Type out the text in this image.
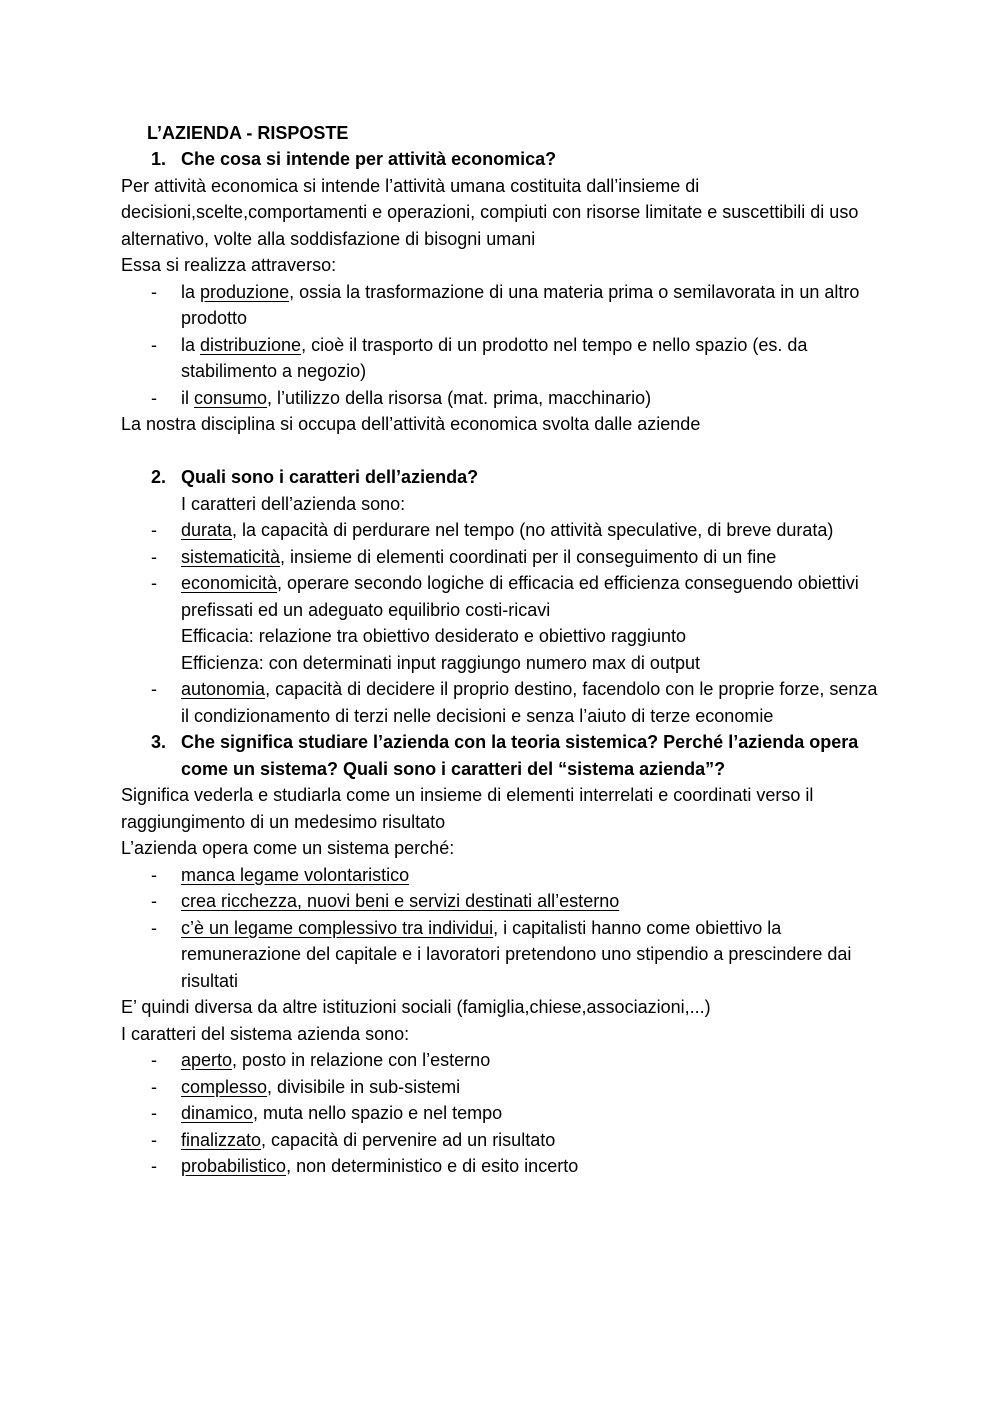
L’AZIENDA - RISPOSTE
1. Che cosa si intende per attività economica?
Per attività economica si intende l’attività umana costituita dall’insieme di decisioni,scelte,comportamenti e operazioni, compiuti con risorse limitate e suscettibili di uso alternativo, volte alla soddisfazione di bisogni umani
Essa si realizza attraverso:
- la produzione, ossia la trasformazione di una materia prima o semilavorata in un altro prodotto
- la distribuzione, cioè il trasporto di un prodotto nel tempo e nello spazio (es. da stabilimento a negozio)
- il consumo, l’utilizzo della risorsa (mat. prima, macchinario)
La nostra disciplina si occupa dell’attività economica svolta dalle aziende
2. Quali sono i caratteri dell’azienda?
I caratteri dell’azienda sono:
- durata, la capacità di perdurare nel tempo (no attività speculative, di breve durata)
- sistematicità, insieme di elementi coordinati per il conseguimento di un fine
- economicità, operare secondo logiche di efficacia ed efficienza conseguendo obiettivi prefissati ed un adeguato equilibrio costi-ricavi
Efficacia: relazione tra obiettivo desiderato e obiettivo raggiunto
Efficienza: con determinati input raggiungo numero max di output
- autonomia, capacità di decidere il proprio destino, facendolo con le proprie forze, senza il condizionamento di terzi nelle decisioni e senza l’aiuto di terze economie
3. Che significa studiare l’azienda con la teoria sistemica? Perché l’azienda opera come un sistema? Quali sono i caratteri del “sistema azienda”?
Significa vederla e studiarla come un insieme di elementi interrelati e coordinati verso il raggiungimento di un medesimo risultato
L’azienda opera come un sistema perché:
- manca legame volontaristico
- crea ricchezza, nuovi beni e servizi destinati all’esterno
- c’è un legame complessivo tra individui, i capitalisti hanno come obiettivo la remunerazione del capitale e i lavoratori pretendono uno stipendio a prescindere dai risultati
E’ quindi diversa da altre istituzioni sociali (famiglia,chiese,associazioni,...)
I caratteri del sistema azienda sono:
- aperto, posto in relazione con l’esterno
- complesso, divisibile in sub-sistemi
- dinamico, muta nello spazio e nel tempo
- finalizzato, capacità di pervenire ad un risultato
- probabilistico, non deterministico e di esito incerto
